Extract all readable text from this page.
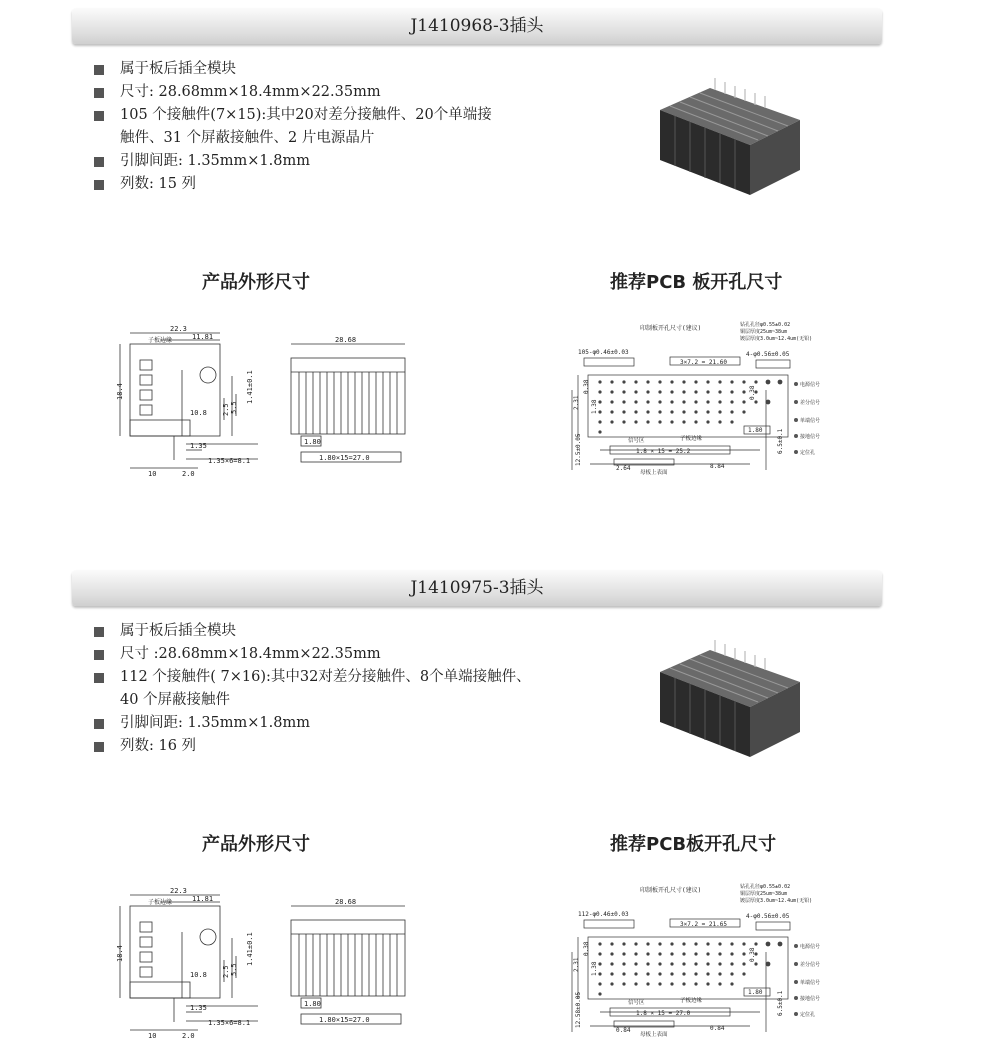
J1410968-3插头
属于板后插全模块
尺寸: 28.68mm×18.4mm×22.35mm
105 个接触件(7×15):其中20对差分接触件、20个单端接
触件、31 个屏蔽接触件、2 片电源晶片
引脚间距: 1.35mm×1.8mm
列数: 15 列
产品外形尺寸	推荐PCB 板开孔尺寸
22.3
11.81
子板边缘
18.4
10.8 2.5 5.5
1.41±0.1
1.35
1.35×6=8.1
10	2.0
28.68
1.80
1.80×15=27.0
印制板开孔尺寸(建议)	钻孔孔径φ0.55±0.02
铜层厚度25um~38um
镀层厚度3.0um~12.4um(无铅)
105-φ0.46±0.03	4-φ0.56±0.05
3×7.2 = 21.60
2.31
0.38
1.38
0.38
12.5±0.05	1.8 × 15 = 25.2
2.64	8.84
1.80 6.5±0.1
子板边缘
信号区
母板上表面
电源信号
差分信号
单端信号
接地信号
定位孔
J1410975-3插头
属于板后插全模块
尺寸 :28.68mm×18.4mm×22.35mm
112 个接触件( 7×16):其中32对差分接触件、8个单端接触件、
40 个屏蔽接触件
引脚间距: 1.35mm×1.8mm
列数: 16 列
产品外形尺寸	推荐PCB板开孔尺寸
22.3
11.81
子板边缘
18.4
10.8 2.5 5.5
1.41±0.1
1.35
1.35×6=8.1
10	2.0
28.68
1.80
1.80×15=27.0
印制板开孔尺寸(建议)	钻孔孔径φ0.55±0.02
铜层厚度25um~38um
镀层厚度3.0um~12.4um(无铅)
112-φ0.46±0.03	4-φ0.56±0.05
3×7.2 = 21.65
2.31
0.38
1.38
0.38
12.58±0.05	1.8 × 15 = 27.0
0.84	0.84
1.80 6.5±0.1
子板边缘
信号区
母板上表面
电源信号
差分信号
单端信号
接地信号
定位孔
